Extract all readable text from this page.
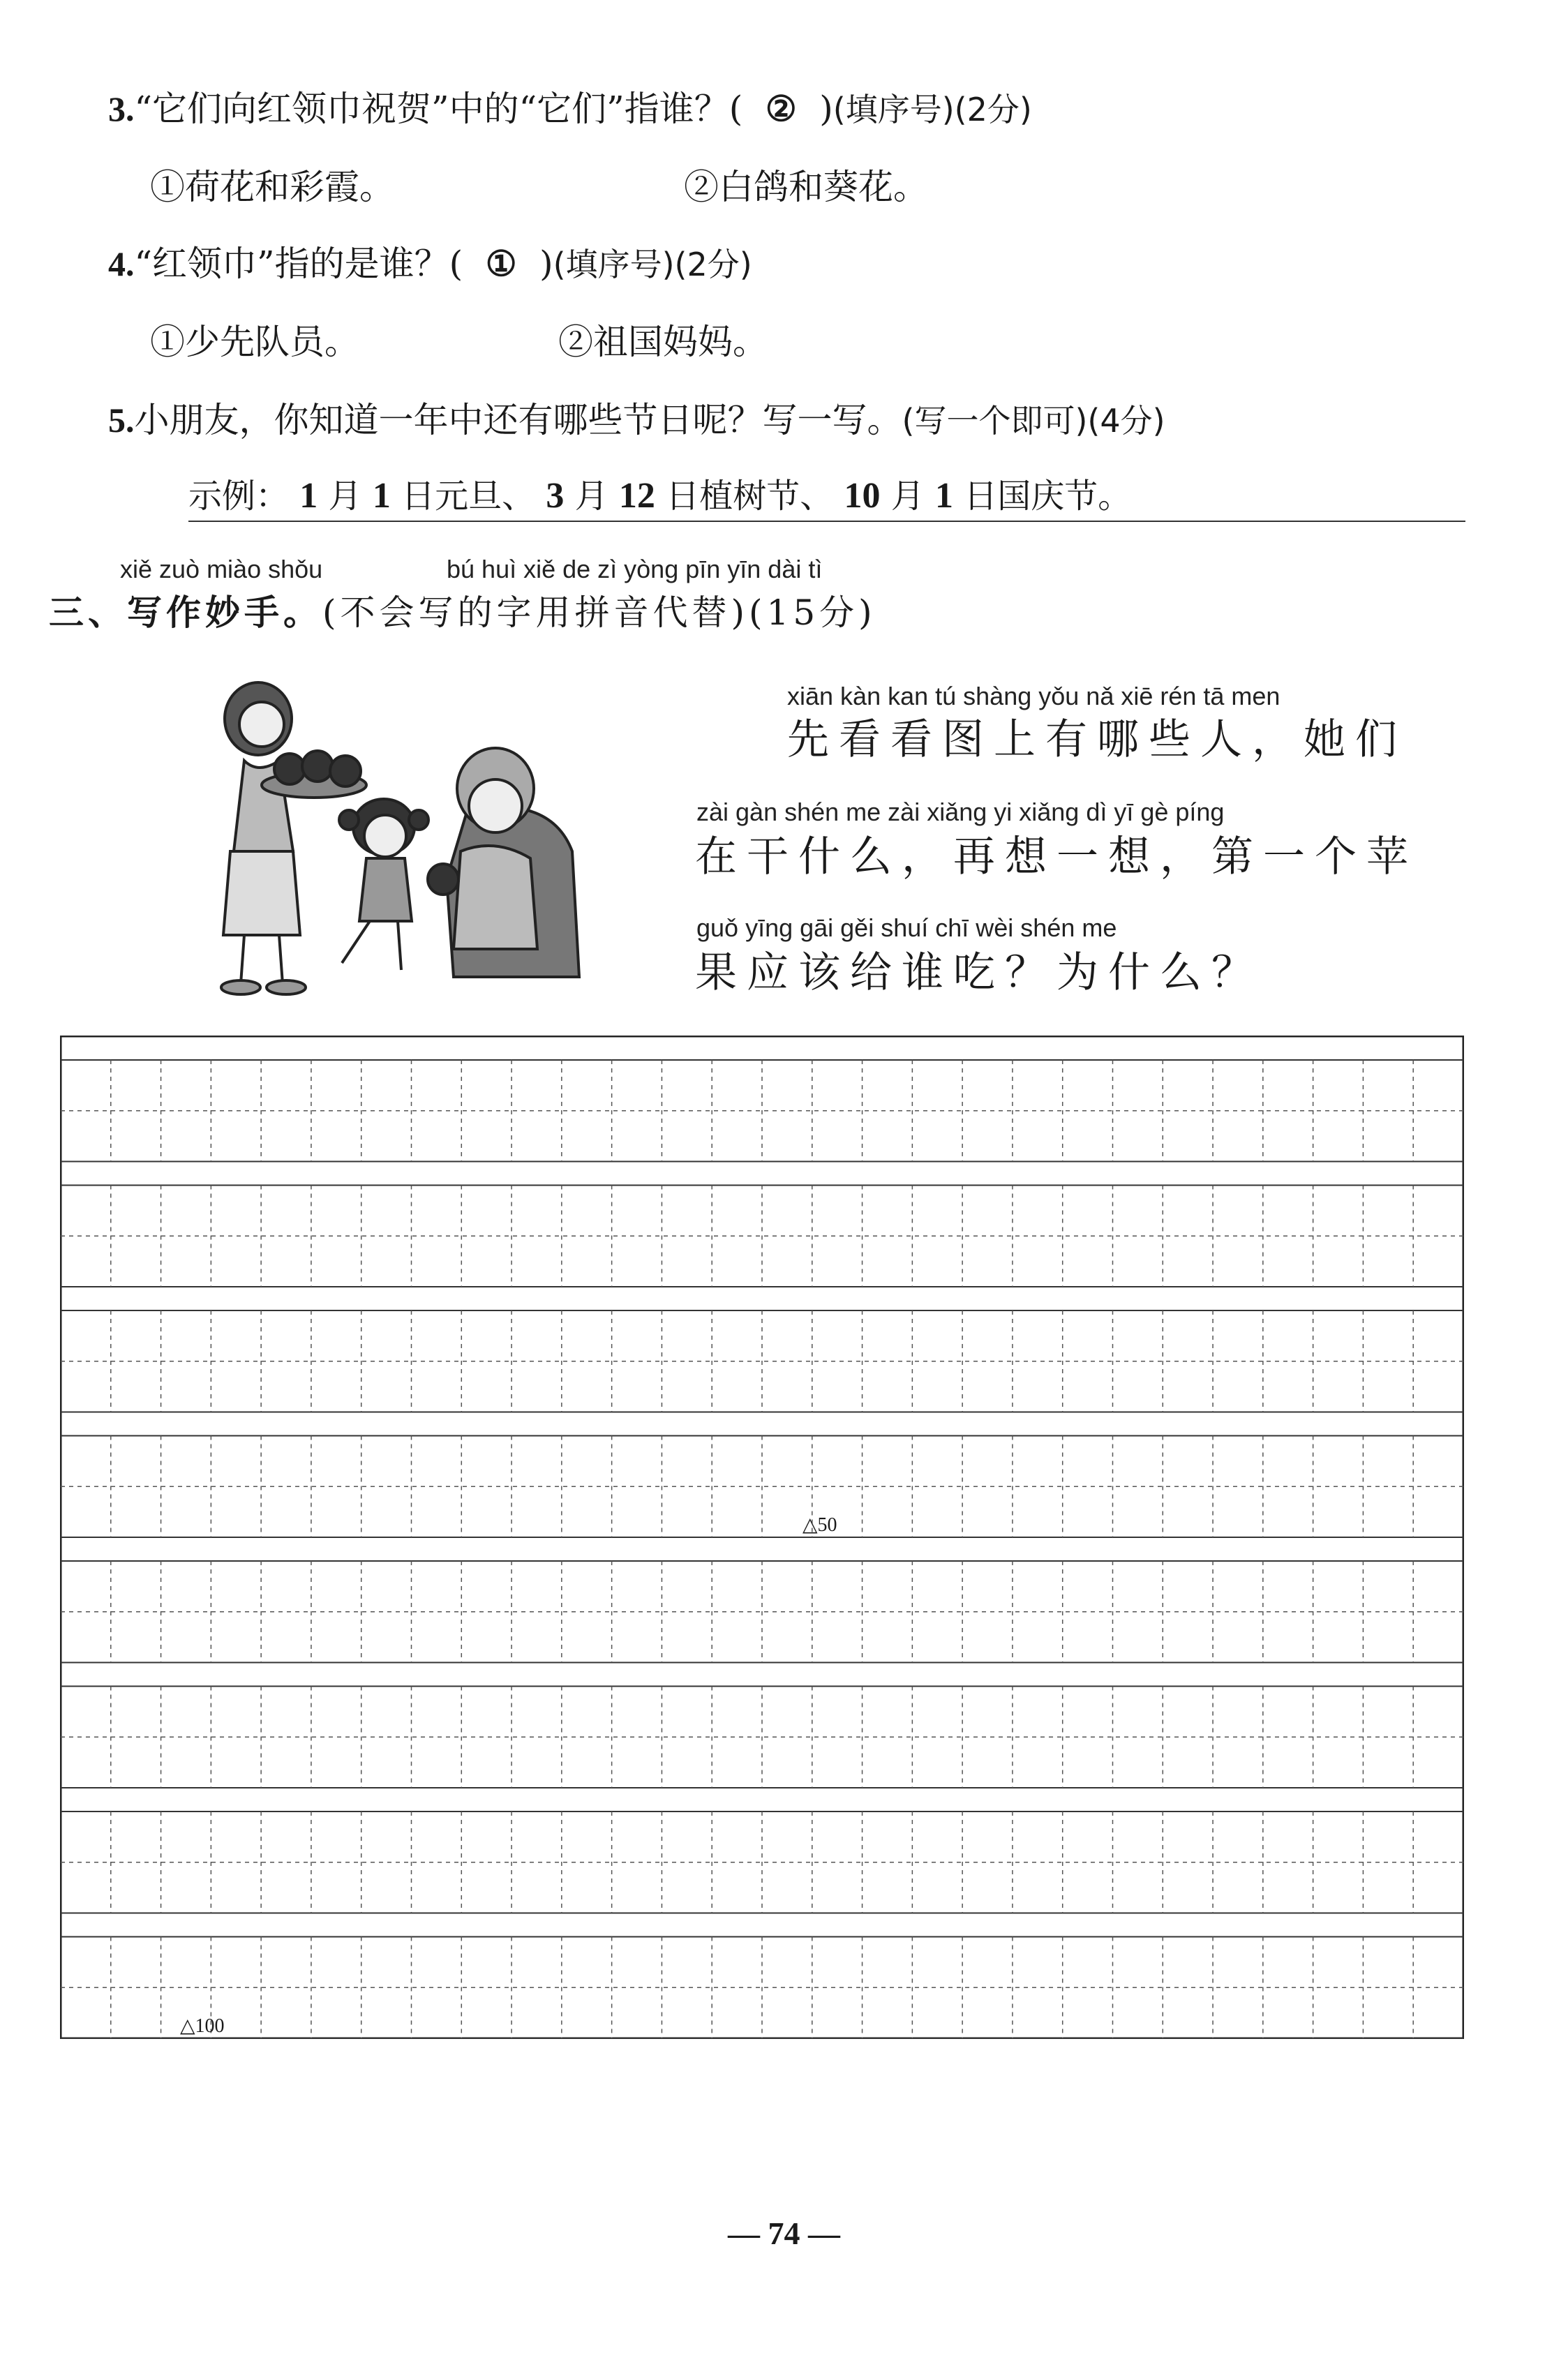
3.“它们向红领巾祝贺”中的“它们”指谁？( ② )(填序号)(2分)
①荷花和彩霞。	②白鸽和葵花。
4.“红领巾”指的是谁？( ① )(填序号)(2分)
①少先队员。	②祖国妈妈。
5.小朋友，你知道一年中还有哪些节日呢？写一写。(写一个即可)(4分)
示例： 1 月 1 日元旦、 3 月 12 日植树节、 10 月 1 日国庆节。
xiě zuò miào shǒu	bú huì xiě de zì yòng pīn yīn dài tì
三、写作妙手。(不会写的字用拼音代替)(15分)
xiān kàn kan tú shàng yǒu nǎ xiē rén tā men
先看看图上有哪些人，她们
zài gàn shén me zài xiǎng yi xiǎng dì yī gè píng
在干什么，再想一想，第一个苹
guǒ yīng gāi gěi shuí chī wèi shén me
果应该给谁吃？为什么？
△50
△100
— 74 —
